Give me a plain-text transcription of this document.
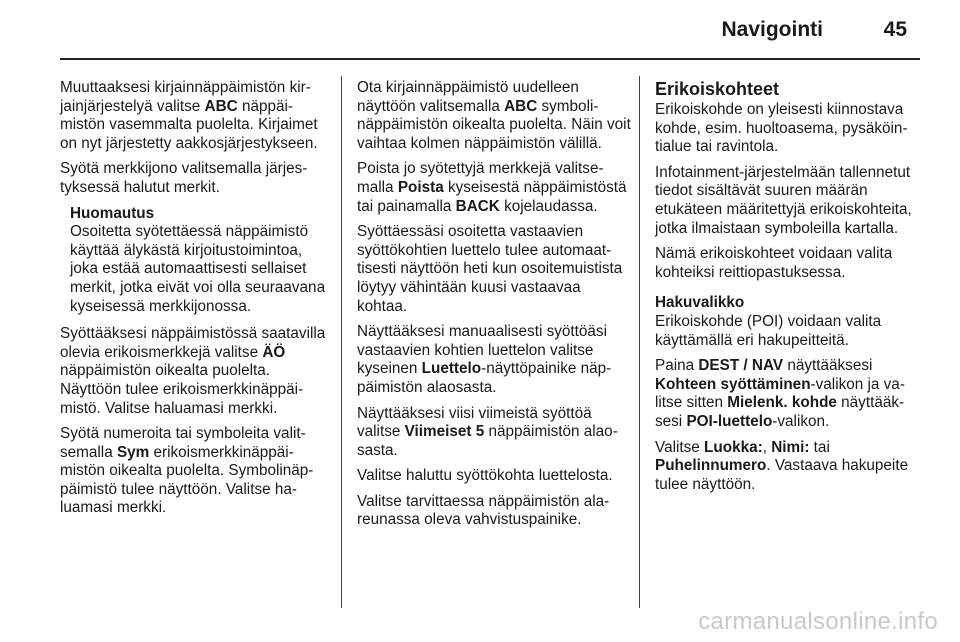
Navigointi	45

Muuttaaksesi kirjainnäppäimistön kirjainjärjestelyä valitse ABC näppäimistön vasemmalta puolelta. Kirjaimet on nyt järjestetty aakkosjärjestykseen.

Syötä merkkijono valitsemalla järjestyksessä halutut merkit.

Huomautus
Osoitetta syötettäessä näppäimistö käyttää älykästä kirjoitustoimintoa, joka estää automaattisesti sellaiset merkit, jotka eivät voi olla seuraavana kyseisessä merkkijonossa.

Syöttääksesi näppäimistössä saatavilla olevia erikoismerkkejä valitse ÄÖ näppäimistön oikealta puolelta. Näyttöön tulee erikoismerkkinäppäimistö. Valitse haluamasi merkki.

Syötä numeroita tai symboleita valitsemalla Sym erikoismerkkinäppäimistön oikealta puolelta. Symbolinäppäimistö tulee näyttöön. Valitse haluamasi merkki.

Ota kirjainnäppäimistö uudelleen näyttöön valitsemalla ABC symbolinäppäimistön oikealta puolelta. Näin voit vaihtaa kolmen näppäimistön välillä.

Poista jo syötettyjä merkkejä valitsemalla Poista kyseisestä näppäimistöstä tai painamalla BACK kojelaudassa.

Syöttäessäsi osoitetta vastaavien syöttökohtien luettelo tulee automaattisesti näyttöön heti kun osoitemuistista löytyy vähintään kuusi vastaavaa kohtaa.

Näyttääksesi manuaalisesti syöttöäsi vastaavien kohtien luettelon valitse kyseinen Luettelo-näyttöpainike näppäimistön alaosasta.

Näyttääksesi viisi viimeistä syöttöä valitse Viimeiset 5 näppäimistön alaosasta.

Valitse haluttu syöttökohta luettelosta.

Valitse tarvittaessa näppäimistön alareunassa oleva vahvistuspainike.

Erikoiskohteet

Erikoiskohde on yleisesti kiinnostava kohde, esim. huoltoasema, pysäköintialue tai ravintola.

Infotainment-järjestelmään tallennetut tiedot sisältävät suuren määrän etukäteen määritettyjä erikoiskohteita, jotka ilmaistaan symboleilla kartalla.

Nämä erikoiskohteet voidaan valita kohteiksi reittiopastuksessa.

Hakuvalikko

Erikoiskohde (POI) voidaan valita käyttämällä eri hakupeitteitä.

Paina DEST / NAV näyttääksesi Kohteen syöttäminen-valikon ja valitse sitten Mielenk. kohde näyttääksesi POI-luettelo-valikon.

Valitse Luokka:, Nimi: tai Puhelinnumero. Vastaava hakupeite tulee näyttöön.

carmanualsonline.info
